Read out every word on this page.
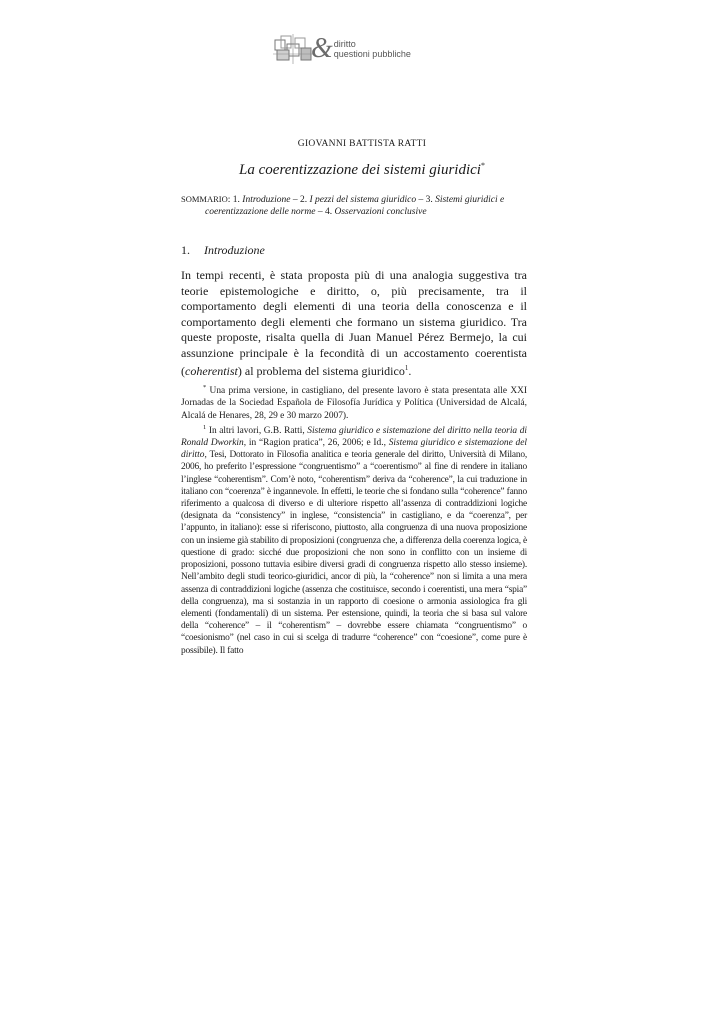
& diritto
questioni pubbliche
GIOVANNI BATTISTA RATTI
La coerentizzazione dei sistemi giuridici*
SOMMARIO: 1. Introduzione – 2. I pezzi del sistema giuridico – 3. Sistemi giuridici e
coerentizzazione delle norme – 4. Osservazioni conclusive
1. Introduzione

In tempi recenti, è stata proposta più di una analogia suggestiva tra teorie epistemologiche e diritto, o, più precisamente, tra il comportamento degli elementi di una teoria della conoscenza e il comportamento degli elementi che formano un sistema giuridico. Tra queste proposte, risalta quella di Juan Manuel Pérez Bermejo, la cui assunzione principale è la fecondità di un accostamento coerentista (coherentist) al problema del sistema giuridico$^1$.

* Una prima versione, in castigliano, del presente lavoro è stata presentata alle XXI Jornadas de la Sociedad Española de Filosofía Jurídica y Política (Universidad de Alcalá, Alcalá de Henares, 28, 29 e 30 marzo 2007).

$^1$ In altri lavori, G.B. Ratti, Sistema giuridico e sistemazione del diritto nella teoria di Ronald Dworkin, in “Ragion pratica”, 26, 2006; e Id., Sistema giuridico e sistemazione del diritto, Tesi, Dottorato in Filosofia analitica e teoria generale del diritto, Università di Milano, 2006, ho preferito l’espressione “congruentismo” a “coerentismo” al fine di rendere in italiano l’inglese “coherentism”. Com’è noto, “coherentism” deriva da “coherence”, la cui traduzione in italiano con “coerenza” è ingannevole. In effetti, le teorie che si fondano sulla “coherence” fanno riferimento a qualcosa di diverso e di ulteriore rispetto all’assenza di contraddizioni logiche (designata da “consistency” in inglese, “consistencia” in castigliano, e da “coerenza”, per l’appunto, in italiano): esse si riferiscono, piuttosto, alla congruenza di una nuova proposizione con un insieme già stabilito di proposizioni (congruenza che, a differenza della coerenza logica, è questione di grado: sicché due proposizioni che non sono in conflitto con un insieme di proposizioni, possono tuttavia esibire diversi gradi di congruenza rispetto allo stesso insieme). Nell’ambito degli studi teorico-giuridici, ancor di più, la “coherence” non si limita a una mera assenza di contraddizioni logiche (assenza che costituisce, secondo i coerentisti, una mera “spia” della congruenza), ma si sostanzia in un rapporto di coesione o armonia assiologica fra gli elementi (fondamentali) di un sistema. Per estensione, quindi, la teoria che si basa sul valore della “coherence” – il “coherentism” – dovrebbe essere chiamata “congruentismo” o “coesionismo” (nel caso in cui si scelga di tradurre “coherence” con “coesione”, come pure è possibile). Il fatto
